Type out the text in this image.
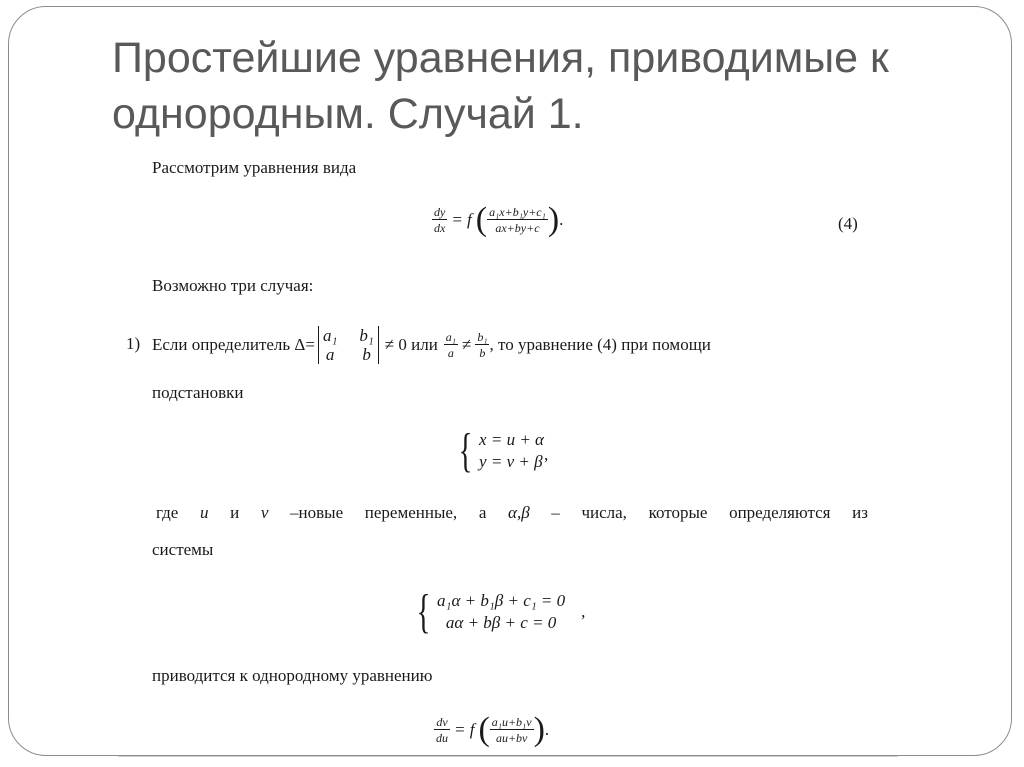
Простейшие уравнения, приводимые к однородным. Случай 1.
Рассмотрим уравнения вида
$\frac{dy}{dx} = f$ ( $\frac{\text{a₁x+b₁y+c₁}}{ax+by+c}$ ) .	(4)
Возможно три случая:
1) Если определитель Δ= a₁ b₁
a b
≠ 0 или $\frac{\text{a₁}}{a} \ne \frac{\text{b₁}}{b}$ , то уравнение (4) при помощи
подстановки
{ x = u + α
y = v + β ,
где u и v –новые переменные, а α,β – числа, которые определяются из
системы
{ a₁α + b₁β + c₁ = 0
aα + bβ + c = 0
,
приводится к однородному уравнению
$\frac{dv}{du} = f$ ( $\frac{\text{a₁u+b₁v}}{au+bv}$ ) .
